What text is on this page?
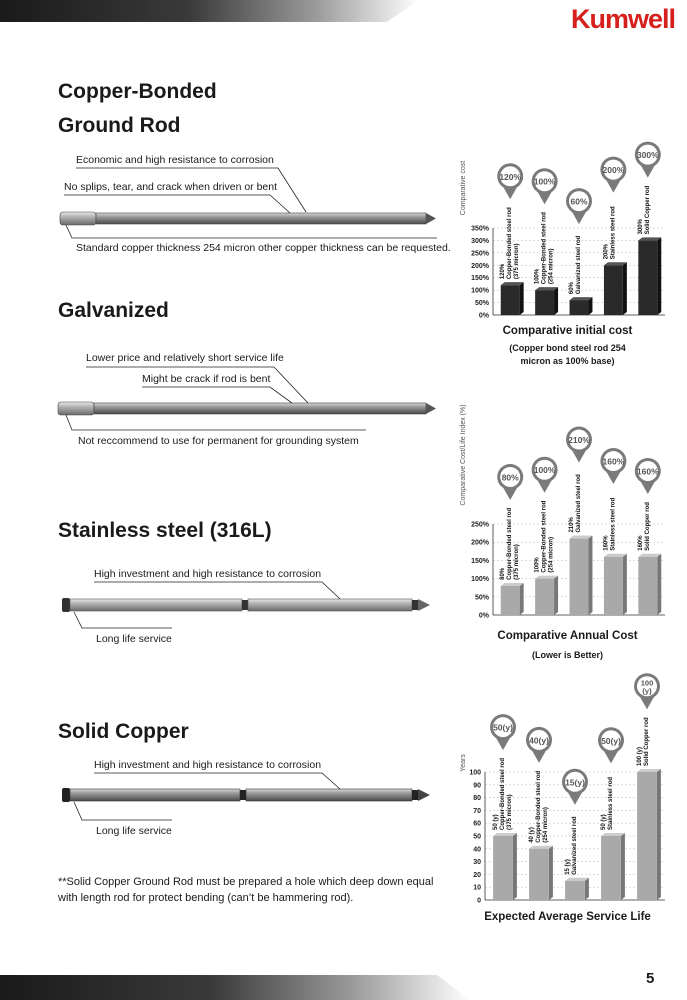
Kumwell
Copper-Bonded
Ground Rod
Galvanized
Stainless steel (316L)
Solid Copper
Economic and high resistance to corrosion
No splips, tear, and crack when driven or bent
Standard copper thickness 254 micron other copper thickness can be requested.
Lower price and relatively short service life
Might be crack if rod is bent
Not reccommend to use for permanent for grounding system
High investment and high resistance to corrosion
Long life service
High investment and high resistance to corrosion
Long life service
**Solid Copper Ground Rod must be prepared a hole which deep down equal with length rod for protect bending (can’t be hammering rod).
Comparative cost
0%
50%
100%
150%
200%
250%
300%
350%
120% Copper-Bonded steel rod (375 micron)
120%
100% Copper-Bonded steel rod (254 micron)
100%
60% Galvanized steel rod
60%
200% Stainless steel rod
200%
300% Solid Copper rod
300%
Comparative initial cost
(Copper bond steel rod 254
micron as 100% base)
Comparative Cost/Life Index (%)
0%
50%
100%
150%
200%
250%
80% Copper-Bonded steel rod (375 micron)
80%
100% Copper-Bonded steel rod (254 micron)
100%
210% Galvanized steel rod
210%
160% Stainless steel rod
160%
160% Solid Copper rod
160%
Comparative Annual Cost
(Lower is Better)
Years
0
10
20
30
40
50
60
70
80
90
100
50 (y) Copper-Bonded steel rod (375 micron)
50(y)
40 (y) Copper-Bonded steel rod (254 micron)
40(y)
15 (y) Galvanized steel rod
15(y)
50 (y) Stainless steel rod
50(y)
100 (y) Solid Copper rod
100
(y)
Expected Average Service Life
5
